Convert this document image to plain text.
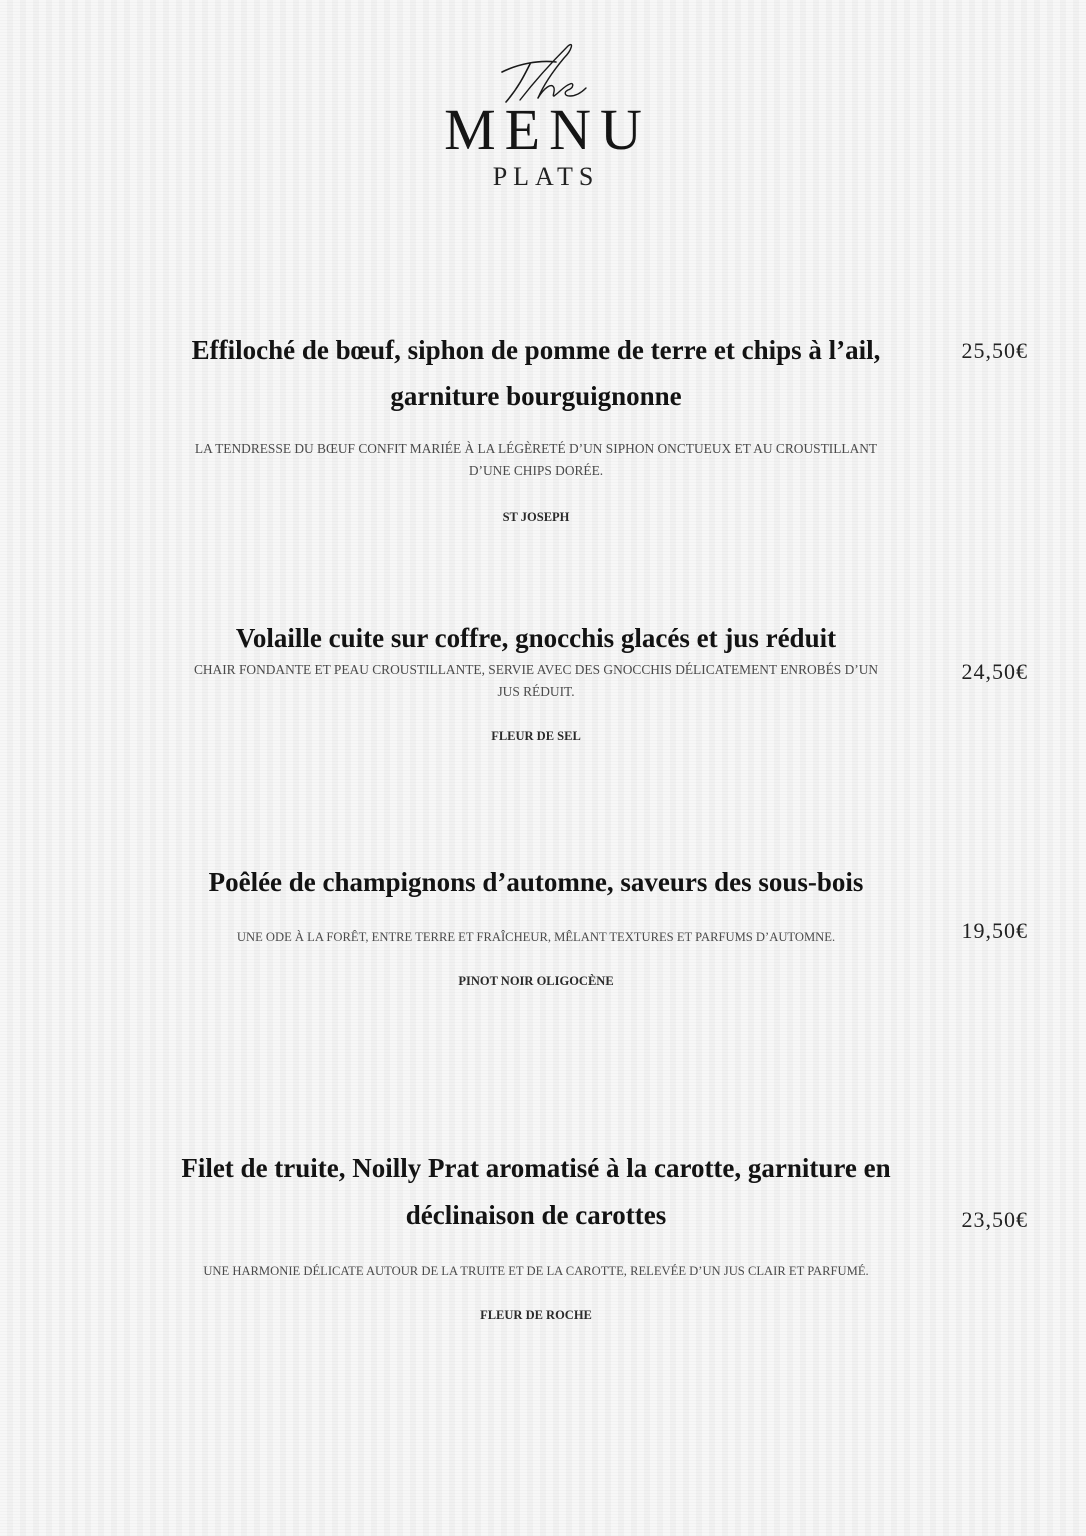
MENU
PLATS
Effiloché de bœuf, siphon de pomme de terre et chips à l’ail,
garniture bourguignonne
25,50€
LA TENDRESSE DU BŒUF CONFIT MARIÉE À LA LÉGÈRETÉ D’UN SIPHON ONCTUEUX ET AU CROUSTILLANT
D’UNE CHIPS DORÉE.
ST JOSEPH
Volaille cuite sur coffre, gnocchis glacés et jus réduit
24,50€
CHAIR FONDANTE ET PEAU CROUSTILLANTE, SERVIE AVEC DES GNOCCHIS DÉLICATEMENT ENROBÉS D’UN
JUS RÉDUIT.
FLEUR DE SEL
Poêlée de champignons d’automne, saveurs des sous-bois
19,50€
UNE ODE À LA FORÊT, ENTRE TERRE ET FRAÎCHEUR, MÊLANT TEXTURES ET PARFUMS D’AUTOMNE.
PINOT NOIR OLIGOCÈNE
Filet de truite, Noilly Prat aromatisé à la carotte, garniture en
déclinaison de carottes	23,50€
UNE HARMONIE DÉLICATE AUTOUR DE LA TRUITE ET DE LA CAROTTE, RELEVÉE D’UN JUS CLAIR ET PARFUMÉ.
FLEUR DE ROCHE
